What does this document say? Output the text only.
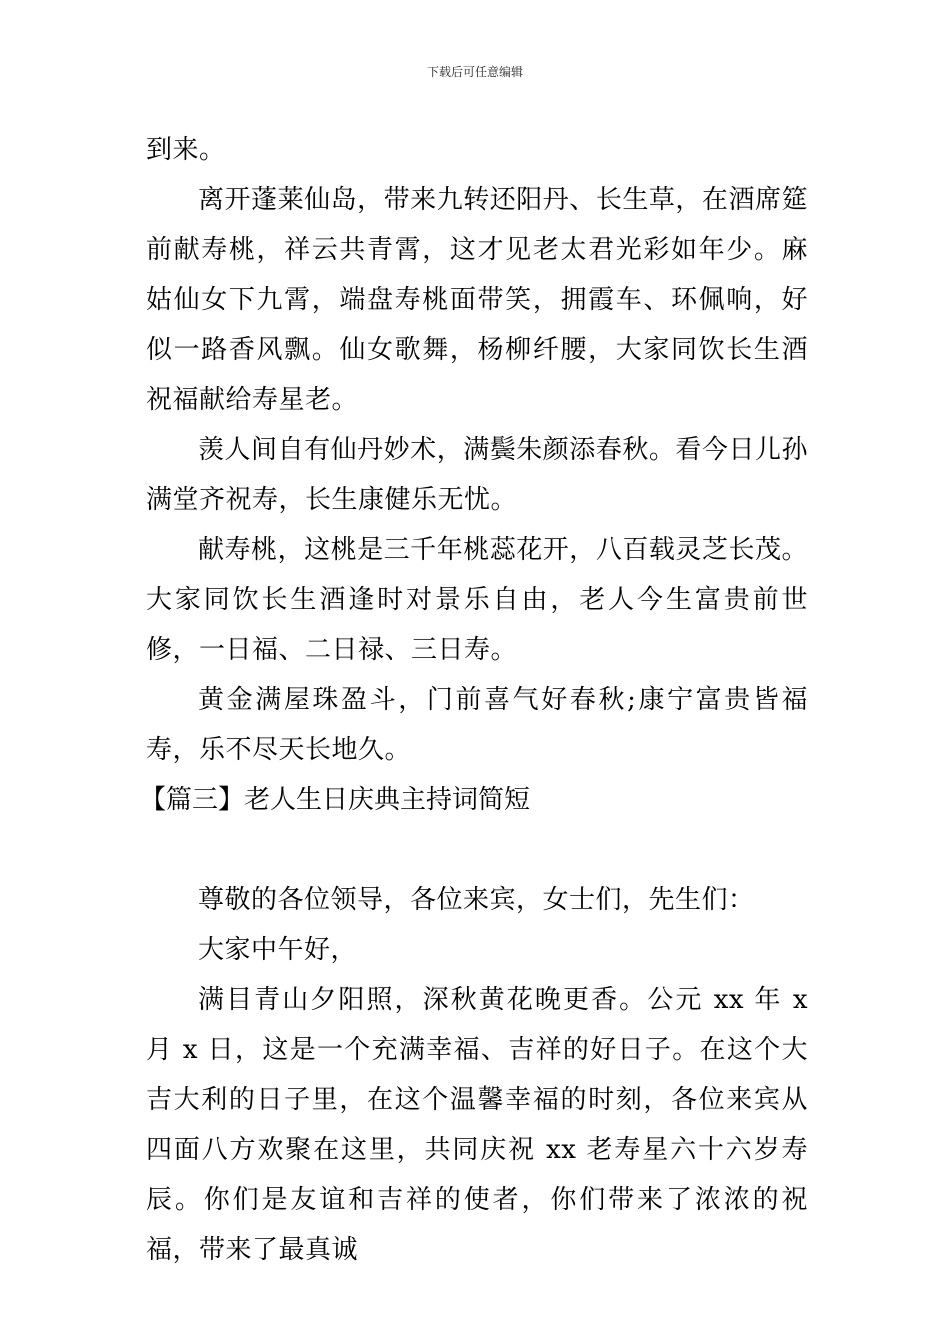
下载后可任意编辑

到来。

离开蓬莱仙岛，带来九转还阳丹、长生草，在酒席筵前献寿桃，祥云共青霄，这才见老太君光彩如年少。麻姑仙女下九霄，端盘寿桃面带笑，拥霞车、环佩响，好似一路香风飘。仙女歌舞，杨柳纤腰，大家同饮长生酒祝福献给寿星老。

羡人间自有仙丹妙术，满鬓朱颜添春秋。看今日儿孙满堂齐祝寿，长生康健乐无忧。

献寿桃，这桃是三千年桃蕊花开，八百载灵芝长茂。大家同饮长生酒逢时对景乐自由，老人今生富贵前世修，一日福、二日禄、三日寿。

黄金满屋珠盈斗，门前喜气好春秋;康宁富贵皆福寿，乐不尽天长地久。

【篇三】老人生日庆典主持词简短

尊敬的各位领导，各位来宾，女士们，先生们：

大家中午好，

满目青山夕阳照，深秋黄花晚更香。公元 xx 年 x 月 x 日，这是一个充满幸福、吉祥的好日子。在这个大吉大利的日子里，在这个温馨幸福的时刻，各位来宾从四面八方欢聚在这里，共同庆祝 xx 老寿星六十六岁寿辰。你们是友谊和吉祥的使者，你们带来了浓浓的祝福，带来了最真诚
